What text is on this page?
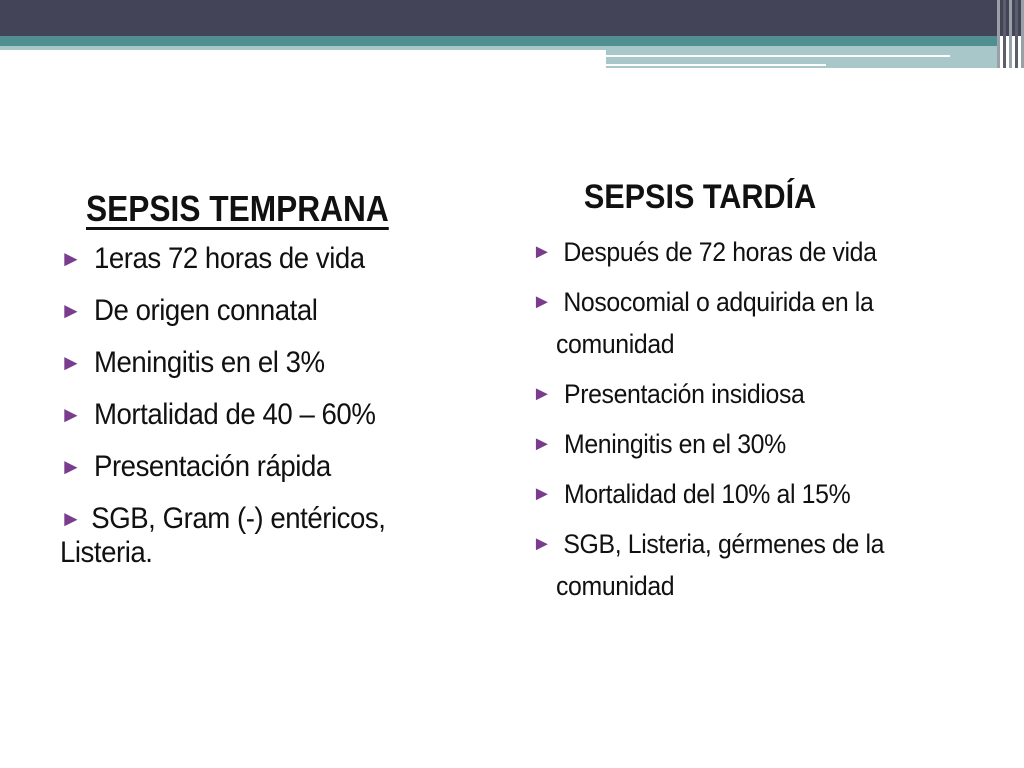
SEPSIS TEMPRANA
► 1eras 72 horas de vida
► De origen connatal
► Meningitis en el 3%
► Mortalidad de 40 – 60%
► Presentación rápida
► SGB, Gram (-) entéricos, Listeria.
SEPSIS TARDÍA
► Después de 72 horas de vida
► Nosocomial o adquirida en la comunidad
► Presentación insidiosa
► Meningitis en el 30%
► Mortalidad del 10% al 15%
► SGB, Listeria, gérmenes de la comunidad
